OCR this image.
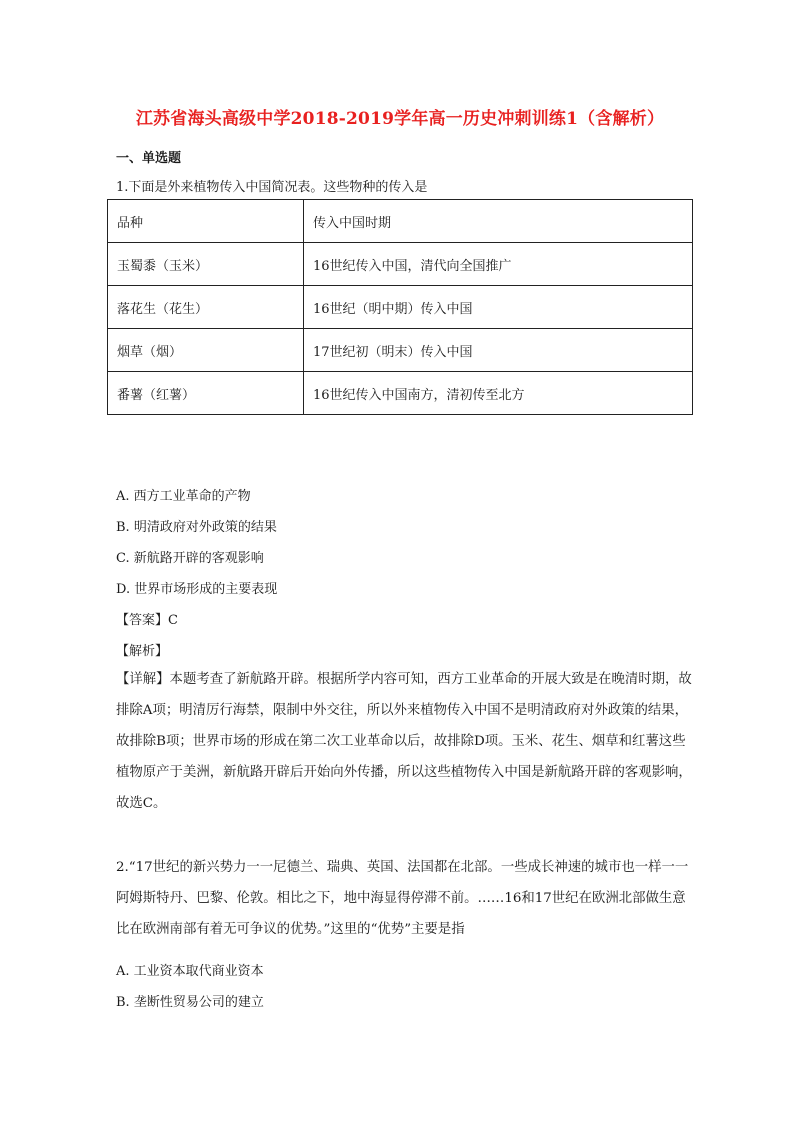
江苏省海头高级中学2018-2019学年高一历史冲刺训练1（含解析）
一、单选题
1.下面是外来植物传入中国简况表。这些物种的传入是
品种	传入中国时期
玉蜀黍（玉米）	16世纪传入中国，清代向全国推广
落花生（花生）	16世纪（明中期）传入中国
烟草（烟）	17世纪初（明末）传入中国
番薯（红薯）	16世纪传入中国南方，清初传至北方
A. 西方工业革命的产物
B. 明清政府对外政策的结果
C. 新航路开辟的客观影响
D. 世界市场形成的主要表现
【答案】C
【解析】
【详解】本题考查了新航路开辟。根据所学内容可知，西方工业革命的开展大致是在晚清时期，故排除A项；明清厉行海禁，限制中外交往，所以外来植物传入中国不是明清政府对外政策的结果，故排除B项；世界市场的形成在第二次工业革命以后，故排除D项。玉米、花生、烟草和红薯这些植物原产于美洲，新航路开辟后开始向外传播，所以这些植物传入中国是新航路开辟的客观影响，故选C。
2.“17世纪的新兴势力一一尼德兰、瑞典、英国、法国都在北部。一些成长神速的城市也一样一一阿姆斯特丹、巴黎、伦敦。相比之下，地中海显得停滞不前。……16和17世纪在欧洲北部做生意比在欧洲南部有着无可争议的优势。”这里的“优势”主要是指
A. 工业资本取代商业资本
B. 垄断性贸易公司的建立
